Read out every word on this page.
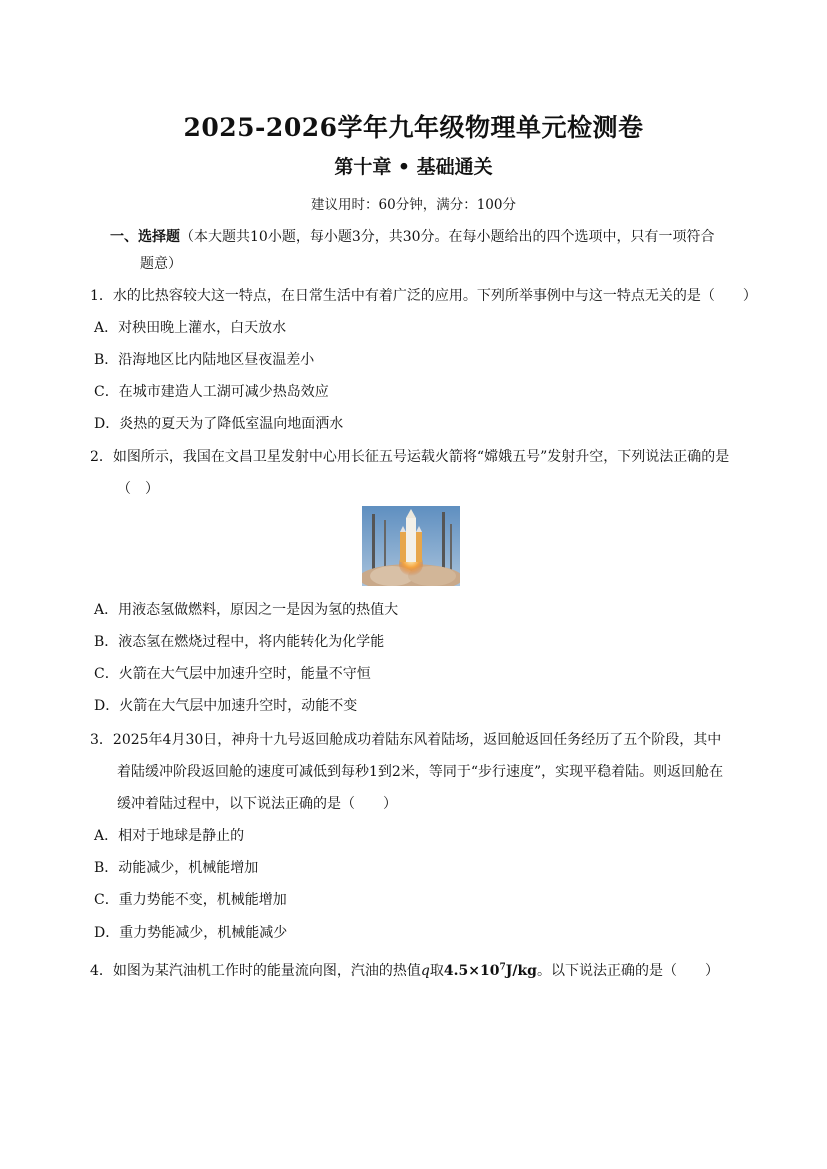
2025-2026学年九年级物理单元检测卷
第十章 • 基础通关
建议用时：60分钟，满分：100分
一、选择题（本大题共10小题，每小题3分，共30分。在每小题给出的四个选项中，只有一项符合
题意）
1．水的比热容较大这一特点，在日常生活中有着广泛的应用。下列所举事例中与这一特点无关的是（　　）
A．对秧田晚上灌水，白天放水
B．沿海地区比内陆地区昼夜温差小
C．在城市建造人工湖可减少热岛效应
D．炎热的夏天为了降低室温向地面洒水
2．如图所示，我国在文昌卫星发射中心用长征五号运载火箭将“嫦娥五号”发射升空，下列说法正确的是
（　）
A．用液态氢做燃料，原因之一是因为氢的热值大
B．液态氢在燃烧过程中，将内能转化为化学能
C．火箭在大气层中加速升空时，能量不守恒
D．火箭在大气层中加速升空时，动能不变
3．2025年4月30日，神舟十九号返回舱成功着陆东风着陆场，返回舱返回任务经历了五个阶段，其中
着陆缓冲阶段返回舱的速度可减低到每秒1到2米，等同于“步行速度”，实现平稳着陆。则返回舱在
缓冲着陆过程中，以下说法正确的是（　　）
A．相对于地球是静止的
B．动能减少，机械能增加
C．重力势能不变，机械能增加
D．重力势能减少，机械能减少
4．如图为某汽油机工作时的能量流向图，汽油的热值q取$4.5\times 10^7J/kg$。以下说法正确的是（　　）
